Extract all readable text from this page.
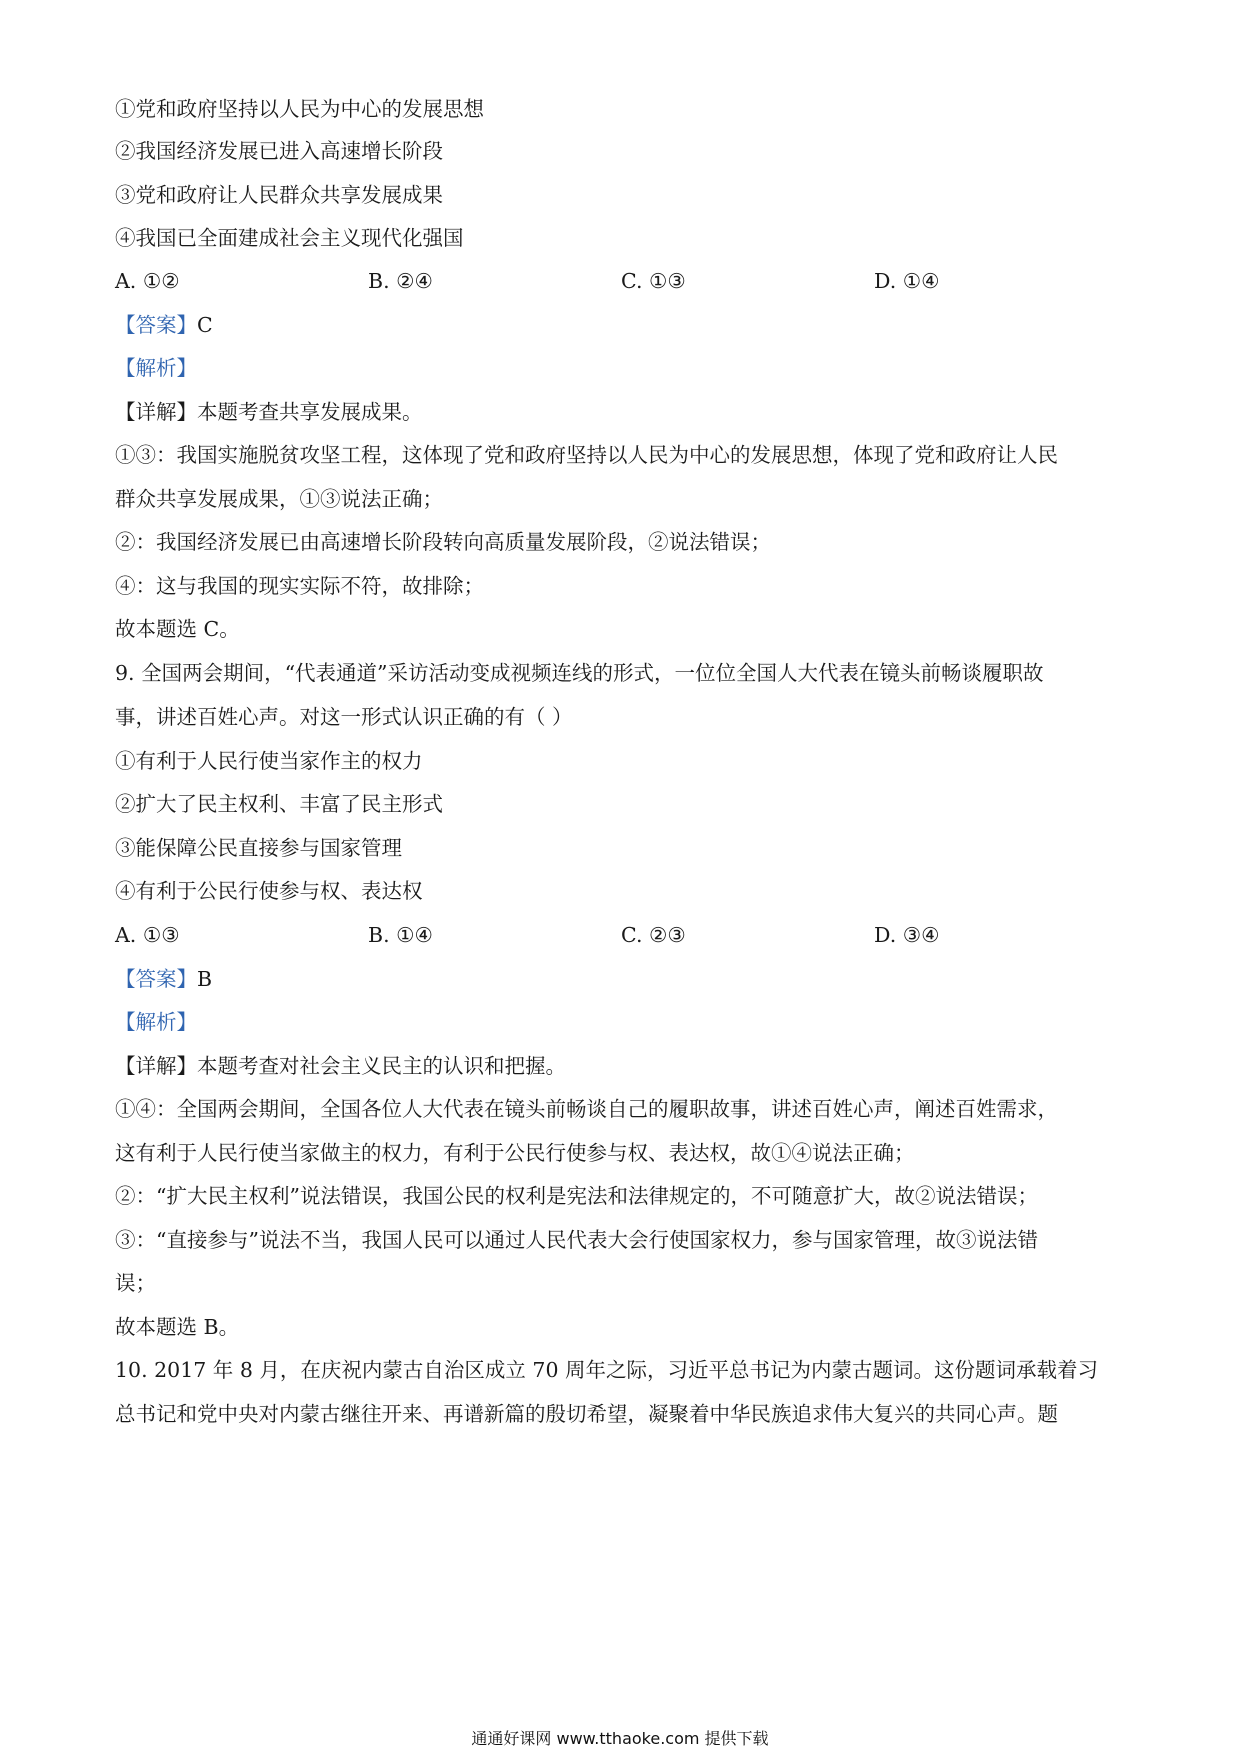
①党和政府坚持以人民为中心的发展思想
②我国经济发展已进入高速增长阶段
③党和政府让人民群众共享发展成果
④我国已全面建成社会主义现代化强国
A. ①②	B. ②④	C. ①③	D. ①④
【答案】C
【解析】
【详解】本题考查共享发展成果。
①③：我国实施脱贫攻坚工程，这体现了党和政府坚持以人民为中心的发展思想，体现了党和政府让人民
群众共享发展成果，①③说法正确；
②：我国经济发展已由高速增长阶段转向高质量发展阶段，②说法错误；
④：这与我国的现实实际不符，故排除；
故本题选 C。
9. 全国两会期间，“代表通道”采访活动变成视频连线的形式，一位位全国人大代表在镜头前畅谈履职故
事，讲述百姓心声。对这一形式认识正确的有（ ）
①有利于人民行使当家作主的权力
②扩大了民主权利、丰富了民主形式
③能保障公民直接参与国家管理
④有利于公民行使参与权、表达权
A. ①③	B. ①④	C. ②③	D. ③④
【答案】B
【解析】
【详解】本题考查对社会主义民主的认识和把握。
①④：全国两会期间，全国各位人大代表在镜头前畅谈自己的履职故事，讲述百姓心声，阐述百姓需求，
这有利于人民行使当家做主的权力，有利于公民行使参与权、表达权，故①④说法正确；
②：“扩大民主权利”说法错误，我国公民的权利是宪法和法律规定的，不可随意扩大，故②说法错误；
③：“直接参与”说法不当，我国人民可以通过人民代表大会行使国家权力，参与国家管理，故③说法错
误；
故本题选 B。
10. 2017 年 8 月，在庆祝内蒙古自治区成立 70 周年之际，习近平总书记为内蒙古题词。这份题词承载着习
总书记和党中央对内蒙古继往开来、再谱新篇的殷切希望，凝聚着中华民族追求伟大复兴的共同心声。题
通通好课网 www.tthaoke.com 提供下载
